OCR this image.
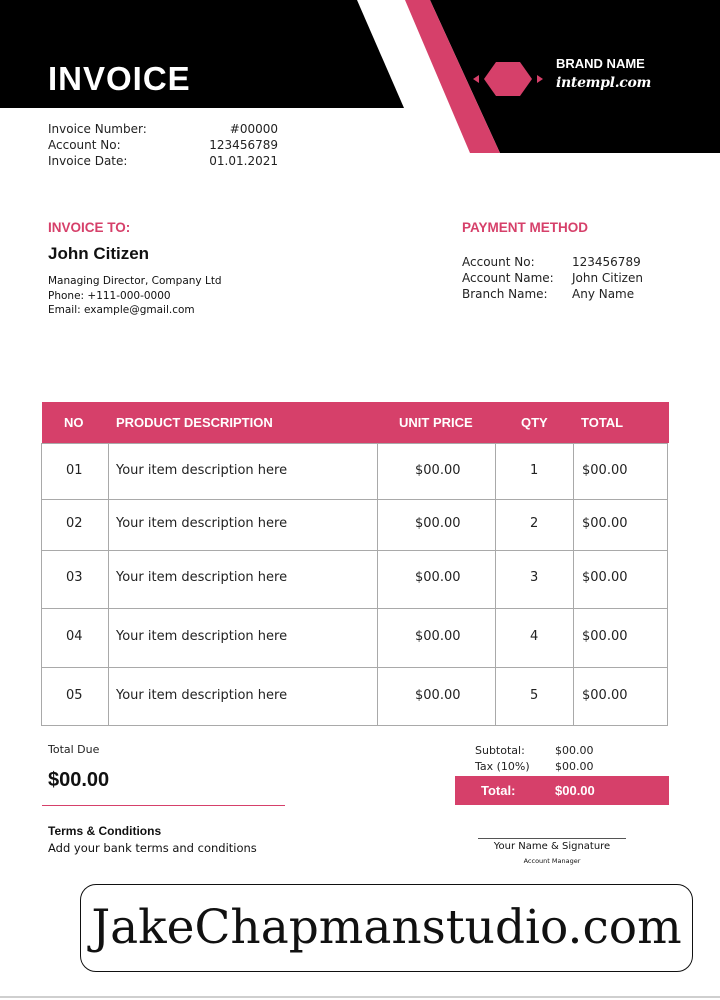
INVOICE	BRAND NAME
intempl.com
Invoice Number:	#00000
Account No:	123456789
Invoice Date:	01.01.2021
INVOICE TO:
John Citizen
Managing Director, Company Ltd
Phone: +111-000-0000
Email: example@gmail.com
PAYMENT METHOD
Account No:	123456789
Account Name: John Citizen
Branch Name: Any Name
NO	PRODUCT DESCRIPTION	UNIT PRICE	QTY	TOTAL
01	Your item description here	$00.00	1	$00.00
02	Your item description here	$00.00	2	$00.00
03	Your item description here	$00.00	3	$00.00
04	Your item description here	$00.00	4	$00.00
05	Your item description here	$00.00	5	$00.00
Total Due
$00.00
Subtotal:	$00.00
Tax (10%) $00.00
Total:	$00.00
Terms & Conditions
Add your bank terms and conditions	Your Name & Signature
Account Manager
JakeChapmanstudio.com
